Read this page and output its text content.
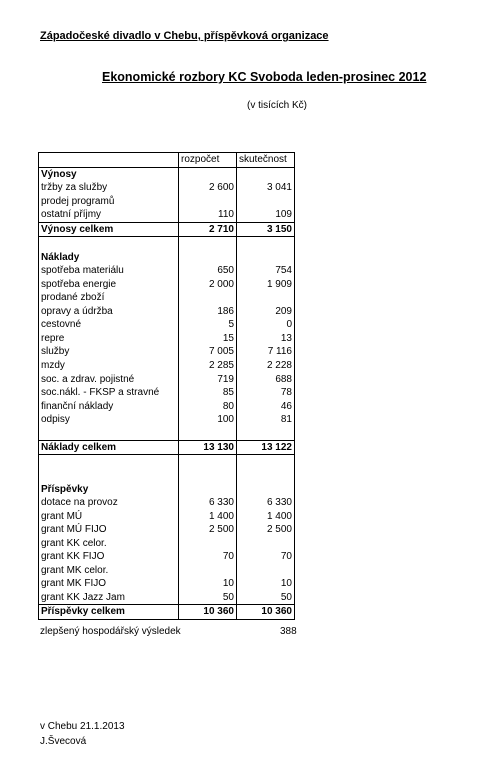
Západočeské divadlo v Chebu, příspěvková organizace
Ekonomické rozbory KC Svoboda leden-prosinec 2012
(v tisících Kč)
	rozpočet	skutečnost
Výnosy		
tržby za služby	2 600	3 041
prodej programů		
ostatní příjmy	110	109
Výnosy celkem	2 710	3 150

Náklady		
spotřeba materiálu	650	754
spotřeba energie	2 000	1 909
prodané zboží		
opravy a údržba	186	209
cestovné	5	0
repre	15	13
služby	7 005	7 116
mzdy	2 285	2 228
soc. a zdrav. pojistné	719	688
soc.nákl. - FKSP a stravné	85	78
finanční náklady	80	46
odpisy	100	81

Náklady celkem	13 130	13 122

Příspěvky		
dotace na provoz	6 330	6 330
grant MÚ	1 400	1 400
grant MÚ FIJO	2 500	2 500
grant KK celor.		
grant KK FIJO	70	70
grant MK celor.		
grant MK FIJO	10	10
grant KK Jazz Jam	50	50
Příspěvky celkem	10 360	10 360
zlepšený hospodářský výsledek	388
v Chebu 21.1.2013
J.Švecová
